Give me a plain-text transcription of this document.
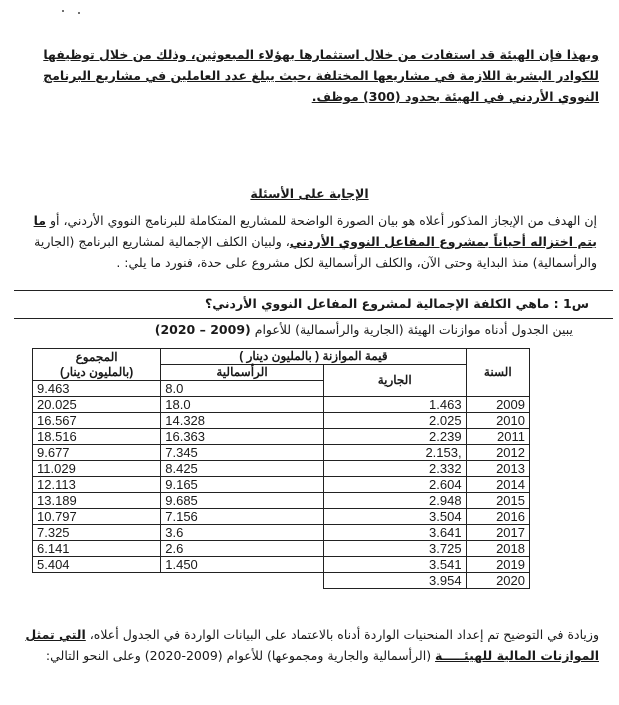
وبهذا فإن الهيئة قد استفادت من خلال استثمارها بهؤلاء المبعوثين، وذلك من خلال توظيفها للكوادر البشرية اللازمة في مشاريعها المختلفة ،حيث يبلغ عدد العاملين في مشاريع البرنامج النووي الأردني في الهيئة بحدود (300) موظف.
الإجابة على الأسئلة
إن الهدف من الإيجاز المذكور أعلاه هو بيان الصورة الواضحة للمشاريع المتكاملة للبرنامج النووي الأردني، أو ما يتم اختزاله أحياناً بمشروع المفاعل النووي الأردني، ولبيان الكلف الإجمالية لمشاريع البرنامج (الجارية والرأسمالية) منذ البداية وحتى الآن، والكلف الرأسمالية لكل مشروع على حدة، فنورد ما يلي: .
س1 : ماهي الكلفة الإجمالية لمشروع المفاعل النووي الأردني؟
يبين الجدول أدناه موازنات الهيئة (الجارية والرأسمالية) للأعوام (2009 – 2020)
المجموع
(بالمليون دينار)	قيمة الموازنة ( بالمليون دينار )		السنة
	الرأسمالية	الجارية	
9.463	8.0		
20.025	18.0	1.463	2009
16.567	14.328	2.025	2010
18.516	16.363	2.239	2011
9.677	7.345	2.153,	2012
11.029	8.425	2.332	2013
12.113	9.165	2.604	2014
13.189	9.685	2.948	2015
10.797	7.156	3.504	2016
7.325	3.6	3.641	2017
6.141	2.6	3.725	2018
5.404	1.450	3.541	2019
		3.954	2020
وزيادة في التوضيح تم إعداد المنحنيات الواردة أدناه بالاعتماد على البيانات الواردة في الجدول أعلاه، التي تمثل الموازنات المالية للهيئـــــة (الرأسمالية والجارية ومجموعها) للأعوام (2009-2020) وعلى النحو التالي:
